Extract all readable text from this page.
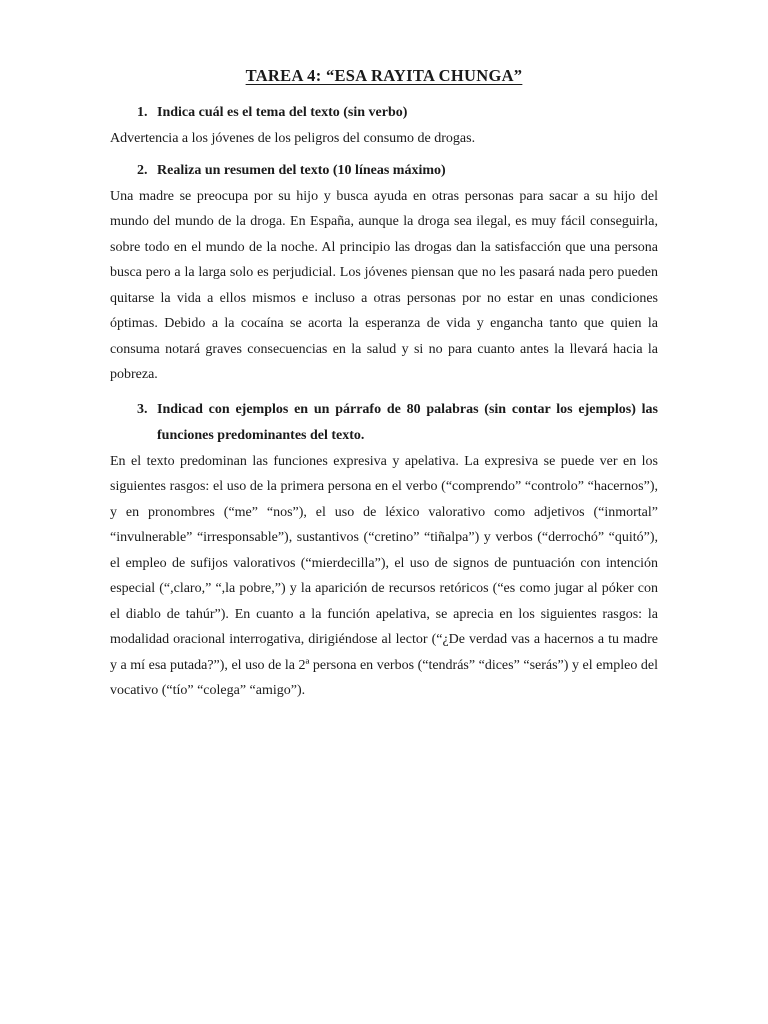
TAREA 4: “ESA RAYITA CHUNGA”
1. Indica cuál es el tema del texto (sin verbo)

Advertencia a los jóvenes de los peligros del consumo de drogas.

2. Realiza un resumen del texto (10 líneas máximo)

Una madre se preocupa por su hijo y busca ayuda en otras personas para sacar a su hijo del mundo del mundo de la droga. En España, aunque la droga sea ilegal, es muy fácil conseguirla, sobre todo en el mundo de la noche. Al principio las drogas dan la satisfacción que una persona busca pero a la larga solo es perjudicial. Los jóvenes piensan que no les pasará nada pero pueden quitarse la vida a ellos mismos e incluso a otras personas por no estar en unas condiciones óptimas. Debido a la cocaína se acorta la esperanza de vida y engancha tanto que quien la consuma notará graves consecuencias en la salud y si no para cuanto antes la llevará hacia la pobreza.

3. Indicad con ejemplos en un párrafo de 80 palabras (sin contar los ejemplos) las funciones predominantes del texto.

En el texto predominan las funciones expresiva y apelativa. La expresiva se puede ver en los siguientes rasgos: el uso de la primera persona en el verbo (“comprendo” “controlo” “hacernos”), y en pronombres (“me” “nos”), el uso de léxico valorativo como adjetivos (“inmortal” “invulnerable” “irresponsable”), sustantivos (“cretino” “tiñalpa”) y verbos (“derrochó” “quitó”), el empleo de sufijos valorativos (“mierdecilla”), el uso de signos de puntuación con intención especial (“,claro,” “,la pobre,”) y la aparición de recursos retóricos (“es como jugar al póker con el diablo de tahúr”). En cuanto a la función apelativa, se aprecia en los siguientes rasgos: la modalidad oracional interrogativa, dirigiéndose al lector (“¿De verdad vas a hacernos a tu madre y a mí esa putada?”), el uso de la 2ª persona en verbos (“tendrás” “dices” “serás”) y el empleo del vocativo (“tío” “colega” “amigo”).
